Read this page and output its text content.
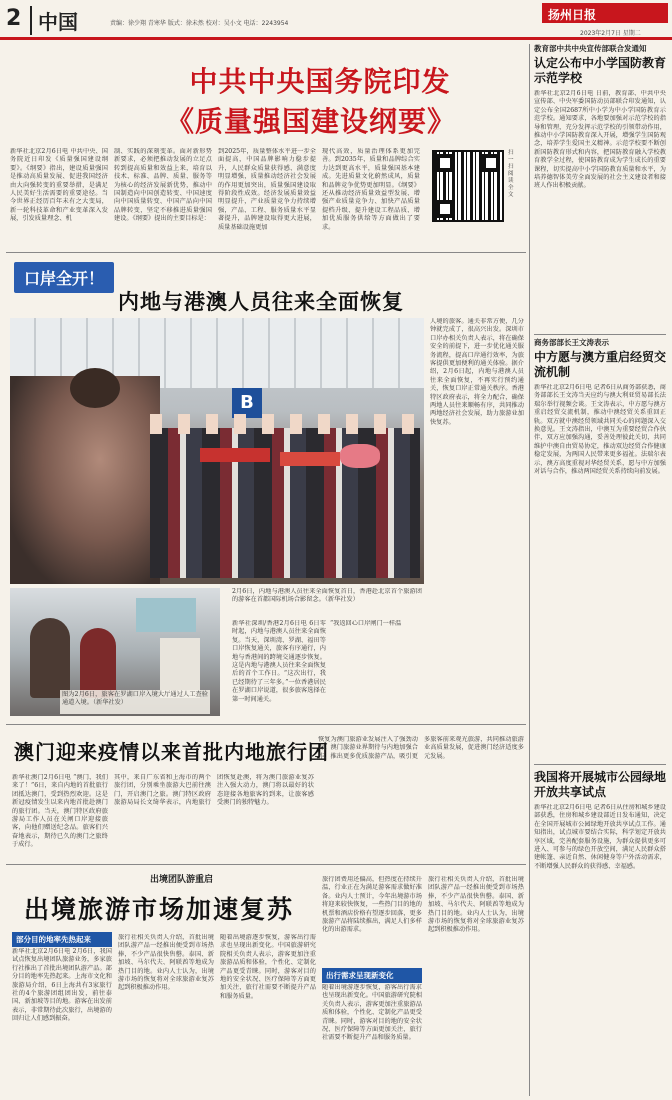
2 中国	责编：徐少翔 青寒华 版式：徐未然 校对：吴小文 电话：2243954
扬州日报
2023年2月7日 星期二
中共中央国务院印发
《质量强国建设纲要》
新华社北京2月6日电 中共中央、国务院近日印发《质量强国建设纲要》。《纲要》指出，建设质量强国是推动高质量发展、促进我国经济由大向强转变的重要举措，是满足人民美好生活需要的重要途径。当今世界正经历百年未有之大变局，新一轮科技革命和产业变革深入发展，引发质量理念、机
制、实践的深刻变革。面对新形势新要求，必须把推动发展的立足点转到提高质量和效益上来，培育以技术、标准、品牌、质量、服务等为核心的经济发展新优势，推动中国制造向中国创造转变、中国速度向中国质量转变、中国产品向中国品牌转变，坚定不移推进质量强国建设。《纲要》提出的主要目标是：
到2025年，质量整体水平进一步全面提高，中国品牌影响力稳步提升，人民群众质量获得感、满意度明显增强，质量推动经济社会发展的作用更加突出，质量强国建设取得阶段性成效。经济发展质量效益明显提升，产业质量竞争力持续增强，产品、工程、服务质量水平显著提升，品牌建设取得更大进展，质量基础设施更加
现代高效，质量治理体系更加完善。到2035年，质量和品牌综合实力达到更高水平，质量强国基本建成。先进质量文化蔚然成风，质量和品牌竞争优势更加明显。《纲要》还从推动经济质量效益型发展、增强产业质量竞争力、加快产品质量提档升级、提升建设工程品质、增加优质服务供给等方面做出了要求。
扫一扫阅读全文
口岸全开！
内地与港澳人员往来全面恢复
B
2月6日，内地与港澳人员往来全面恢复首日，香港赴北京首个旅游团的游客在首都国际机场合影留念。（新华社发）
图为2月6日，旅客在罗湖口岸入境大厅通过人工查验通道入境。（新华社发）
新华社深圳/香港2月6日电 6日零时起，内地与港澳人员往来全面恢复。当天，深圳湾、罗湖、福田等口岸恢复通关，旅客有序通行，内地与香港间的跨境交通逐步恢复。这是内地与港澳人员往来全面恢复后的首个工作日。“这次出行，我已经期待了三年多。”一位香港居民在罗湖口岸说道，很多旅客选择在第一时间通关。
“我返回心口岸闸门一样温
人境的旅客。通关非常方便，几分钟就完成了，很高兴出发。深圳市口岸办相关负责人表示，将在确保安全的前提下，进一步优化通关服务流程，提高口岸通行效率，为旅客提供更加便利的通关体验。据介绍，2月6日起，内地与港澳人员往来全面恢复，不再实行预约通关，恢复口岸正常通关秩序。香港特区政府表示，将全力配合，确保两地人员往来顺畅有序，共同推动两地经济社会发展，助力旅游业加快复苏。
澳门迎来疫情以来首批内地旅行团
新华社澳门2月6日电 “澳门，我们来了！”6日，来自内地的首批旅行团抵达澳门，受到热烈欢迎。这是新冠疫情发生以来内地首批赴澳门的旅行团。当天，澳门特区政府旅游局工作人员在关闸口岸迎接旅客，向他们赠送纪念品。旅客们兴奋地表示，期待已久的澳门之旅终于成行。
其中，来自广东省和上海市的两个旅行团，分别乘坐旅游大巴前往澳门，开启澳门之旅。澳门特区政府旅游局局长文绮华表示，内地旅行团恢复赴澳，将为澳门旅游业复苏注入强大动力，澳门将以最好的状态迎接各地旅客的到来，让旅客感受澳门的独特魅力。
恢复为澳门旅游业发展注入了强劲动力。澳门旅游业界期待与内地加强合作，推出更多优质旅游产品，吸引更多旅客前来观光旅游，共同推动旅游业高质量发展，促进澳门经济适度多元发展。
出境团队游重启
出境旅游市场加速复苏
部分目的地率先热起来
新华社北京2月6日电 2月6日，我国试点恢复出境团队旅游业务，多家旅行社推出了首批出境团队游产品。部分目的地率先热起来。上海市文化和旅游局介绍，6日上海共有3家旅行社的4个旅游团组团出发，前往泰国、新加坡等目的地。游客在出发前表示，非常期待此次旅行，出境游的回归让人们感到振奋。
旅行社相关负责人介绍，首批出境团队游产品一经推出便受到市场热捧，不少产品很快售罄。泰国、新加坡、马尔代夫、阿联酋等地成为热门目的地。业内人士认为，出境游市场的恢复将对全球旅游业复苏起到积极推动作用。
随着出境游逐步恢复，游客出行需求也呈现出新变化。中国旅游研究院相关负责人表示，游客更加注重旅游品质和体验，个性化、定制化产品更受青睐。同时，游客对目的地的安全状况、医疗保障等方面更加关注，旅行社需要不断提升产品和服务质量。
出行需求呈现新变化
旅行团费用还偏高，但热度在持续升温，行业正在为满足游客需求做好准备。业内人士预计，今年出境游市场将迎来较快恢复，一些热门目的地的机票和酒店价格有望逐步回落，更多旅游产品将陆续推出，满足人们多样化的出游需求。
随着出境游逐步恢复，游客出行需求也呈现出新变化。中国旅游研究院相关负责人表示，游客更加注重旅游品质和体验，个性化、定制化产品更受青睐。同时，游客对目的地的安全状况、医疗保障等方面更加关注，旅行社需要不断提升产品和服务质量。
旅行社相关负责人介绍，首批出境团队游产品一经推出便受到市场热捧，不少产品很快售罄。泰国、新加坡、马尔代夫、阿联酋等地成为热门目的地。业内人士认为，出境游市场的恢复将对全球旅游业复苏起到积极推动作用。
教育部中共中央宣传部联合发通知
认定公布中小学国防教育示范学校
新华社北京2月6日电 日前，教育部、中共中央宣传部、中央军委国防动员部联合印发通知，认定公布全国2687所中小学为中小学国防教育示范学校。通知要求，各地要加强对示范学校的指导和管理，充分发挥示范学校的引领带动作用，推动中小学国防教育深入开展，增强学生国防观念，培养学生爱国主义精神。示范学校要不断创新国防教育形式和内容，把国防教育融入学校教育教学全过程，使国防教育成为学生成长的重要课程，切实提高中小学国防教育质量和水平，为培养德智体美劳全面发展的社会主义建设者和接班人作出积极贡献。
商务部部长王文涛表示
中方愿与澳方重启经贸交流机制
新华社北京2月6日电 记者6日从商务部获悉，商务部部长王文涛当天应约与澳大利亚贸易部长法瑞尔举行视频会谈。王文涛表示，中方愿与澳方重启经贸交流机制，推动中澳经贸关系重回正轨。双方就中澳经贸领域共同关心的问题深入交换意见。王文涛指出，中澳互为重要经贸合作伙伴，双方应加强沟通，妥善处理彼此关切，共同维护中澳自由贸易协定，推动双边经贸合作健康稳定发展，为两国人民带来更多福祉。法瑞尔表示，澳方高度重视对华经贸关系，愿与中方加强对话与合作，推动两国经贸关系持续向前发展。
我国将开展城市公园绿地开放共享试点
新华社北京2月6日电 记者6日从住房和城乡建设部获悉，住房和城乡建设部近日发布通知，决定在全国开展城市公园绿地开放共享试点工作。通知指出，试点城市要结合实际，科学划定开放共享区域，完善配套服务设施，为群众提供更多可进入、可参与的绿色开放空间，满足人民群众搭建帐篷、亲近自然、休闲健身等户外活动需求，不断增强人民群众的获得感、幸福感。
